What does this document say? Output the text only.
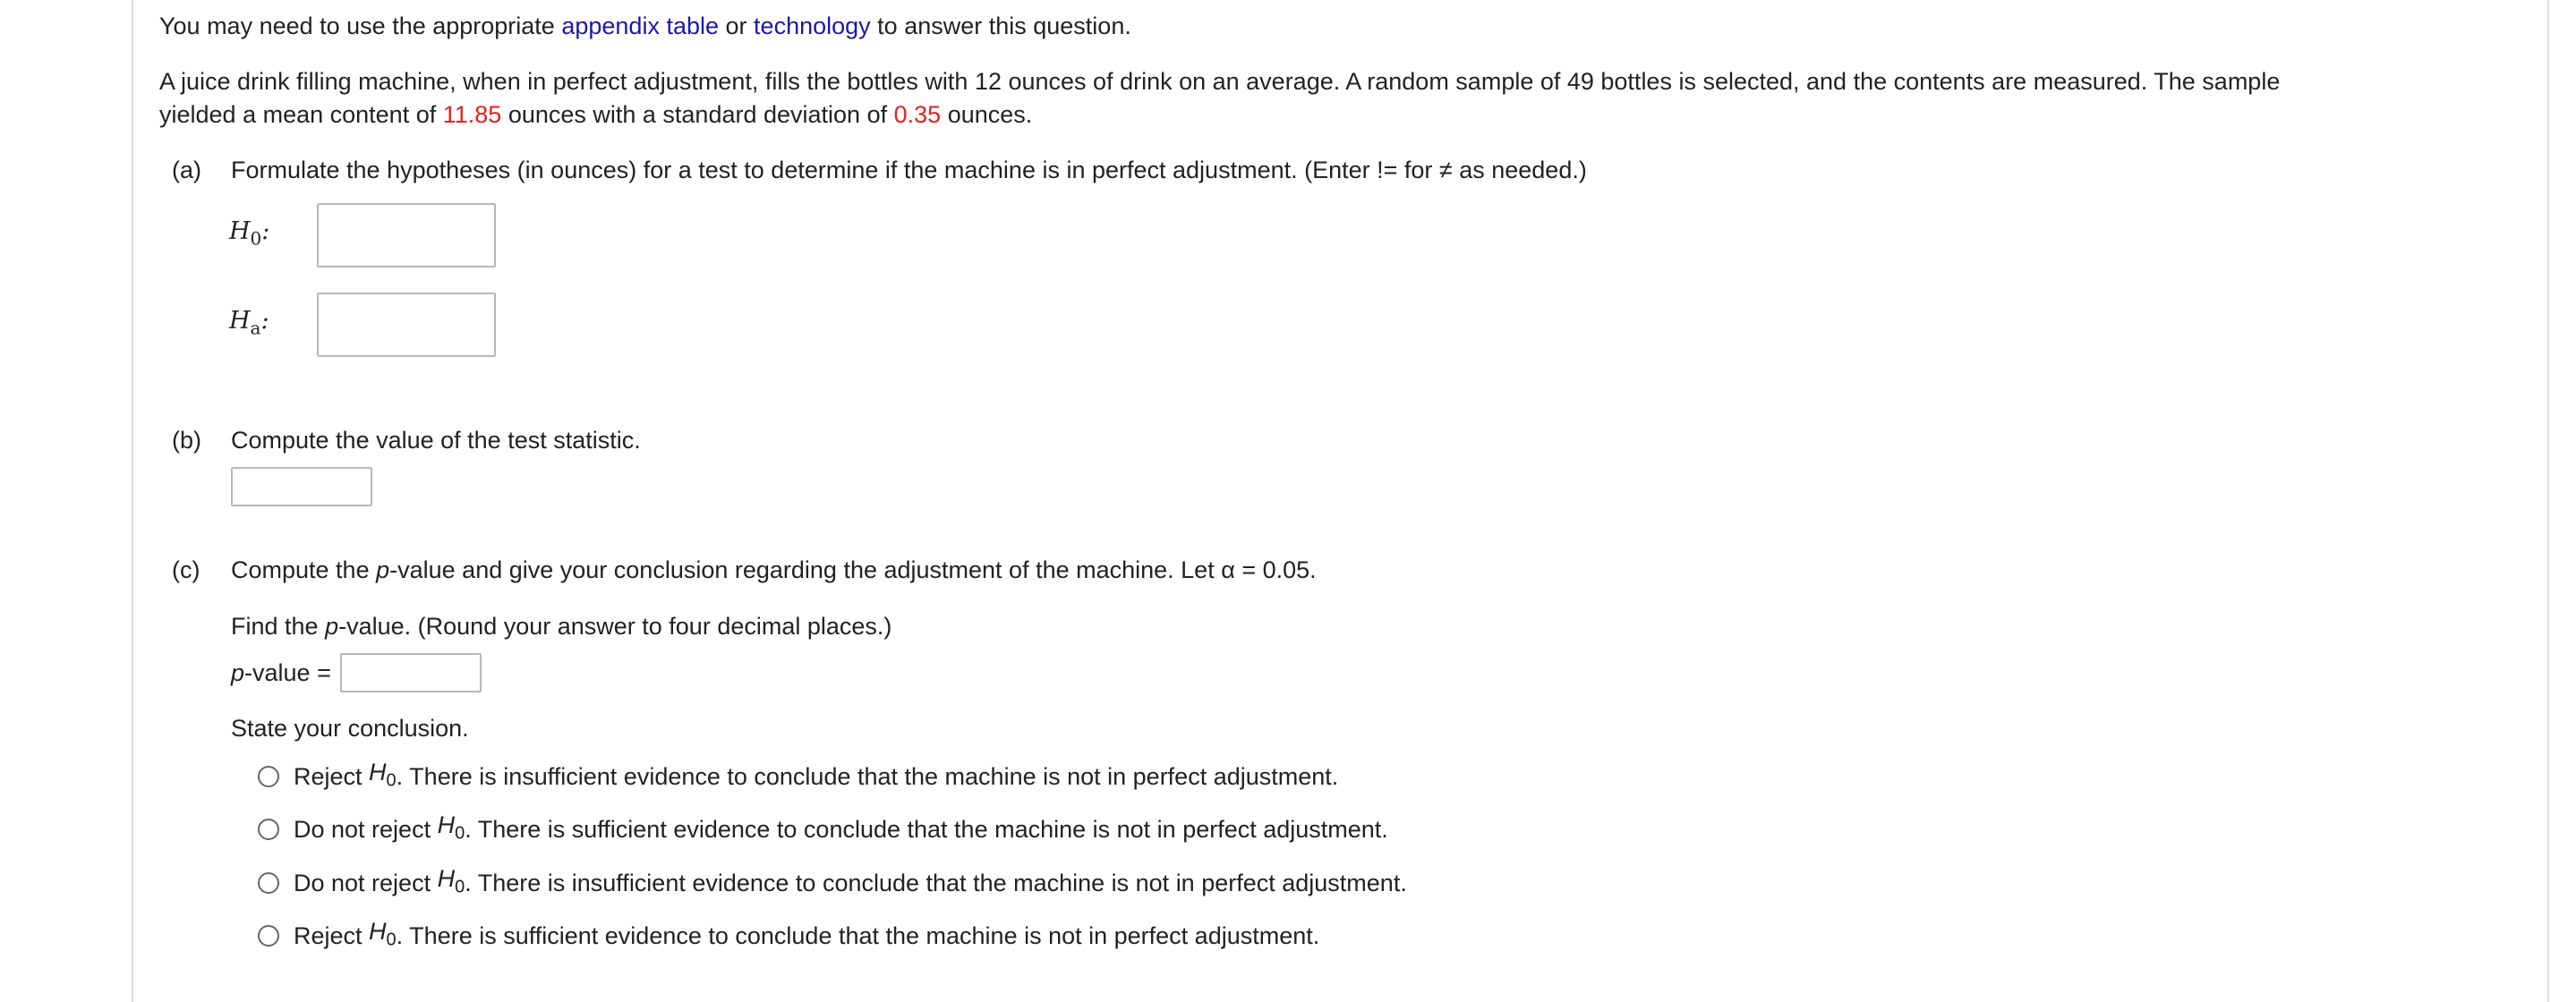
You may need to use the appropriate appendix table or technology to answer this question.
A juice drink filling machine, when in perfect adjustment, fills the bottles with 12 ounces of drink on an average. A random sample of 49 bottles is selected, and the contents are measured. The sample
yielded a mean content of 11.85 ounces with a standard deviation of 0.35 ounces.
(a) Formulate the hypotheses (in ounces) for a test to determine if the machine is in perfect adjustment. (Enter != for ≠ as needed.)
$H_0$:
$H_a$:
(b) Compute the value of the test statistic.
(c) Compute the p-value and give your conclusion regarding the adjustment of the machine. Let α = 0.05.
Find the p-value. (Round your answer to four decimal places.)
p -value =
State your conclusion.
Reject
$H_0$ . There is insufficient evidence to conclude that the machine is not in perfect adjustment.
Do not reject
$H_0$ . There is sufficient evidence to conclude that the machine is not in perfect adjustment.
Do not reject
$H_0$ . There is insufficient evidence to conclude that the machine is not in perfect adjustment.
Reject
$H_0$ . There is sufficient evidence to conclude that the machine is not in perfect adjustment.
